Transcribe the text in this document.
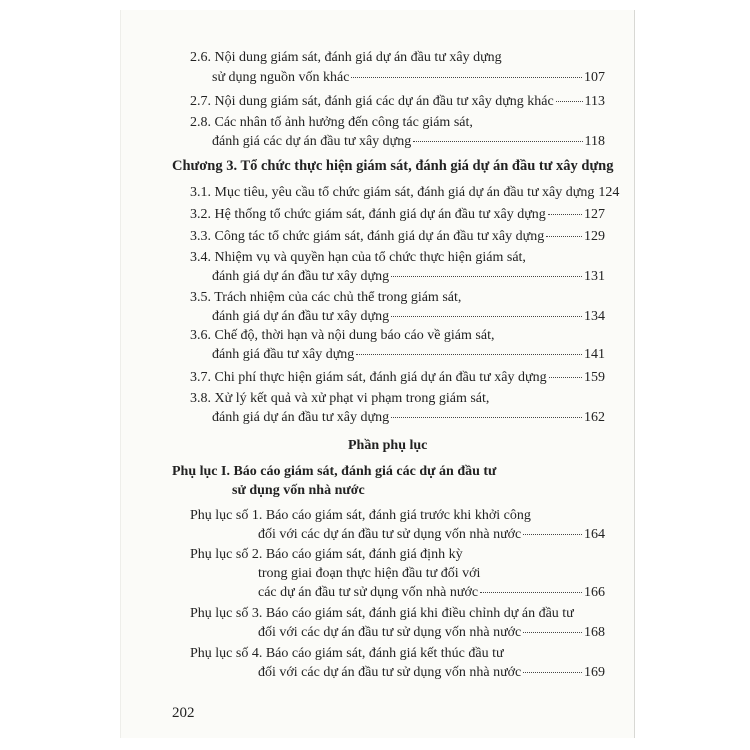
2.6. Nội dung giám sát, đánh giá dự án đầu tư xây dựng
sử dụng nguồn vốn khác	107
2.7. Nội dung giám sát, đánh giá các dự án đầu tư xây dựng khác 113
2.8. Các nhân tố ảnh hưởng đến công tác giám sát,
đánh giá các dự án đầu tư xây dựng	118
Chương 3. Tổ chức thực hiện giám sát, đánh giá dự án đầu tư xây dựng
3.1. Mục tiêu, yêu cầu tổ chức giám sát, đánh giá dự án đầu tư xây dựng 124
3.2. Hệ thống tổ chức giám sát, đánh giá dự án đầu tư xây dựng	127
3.3. Công tác tổ chức giám sát, đánh giá dự án đầu tư xây dựng	129
3.4. Nhiệm vụ và quyền hạn của tổ chức thực hiện giám sát,
đánh giá dự án đầu tư xây dựng	131
3.5. Trách nhiệm của các chủ thể trong giám sát,
đánh giá dự án đầu tư xây dựng	134
3.6. Chế độ, thời hạn và nội dung báo cáo về giám sát,
đánh giá đầu tư xây dựng	141
3.7. Chi phí thực hiện giám sát, đánh giá dự án đầu tư xây dựng	159
3.8. Xử lý kết quả và xử phạt vi phạm trong giám sát,
đánh giá dự án đầu tư xây dựng	162
Phần phụ lục
Phụ lục I. Báo cáo giám sát, đánh giá các dự án đầu tư
sử dụng vốn nhà nước
Phụ lục số 1. Báo cáo giám sát, đánh giá trước khi khởi công
đối với các dự án đầu tư sử dụng vốn nhà nước	164
Phụ lục số 2. Báo cáo giám sát, đánh giá định kỳ
trong giai đoạn thực hiện đầu tư đối với
các dự án đầu tư sử dụng vốn nhà nước	166
Phụ lục số 3. Báo cáo giám sát, đánh giá khi điều chỉnh dự án đầu tư
đối với các dự án đầu tư sử dụng vốn nhà nước	168
Phụ lục số 4. Báo cáo giám sát, đánh giá kết thúc đầu tư
đối với các dự án đầu tư sử dụng vốn nhà nước	169
202
